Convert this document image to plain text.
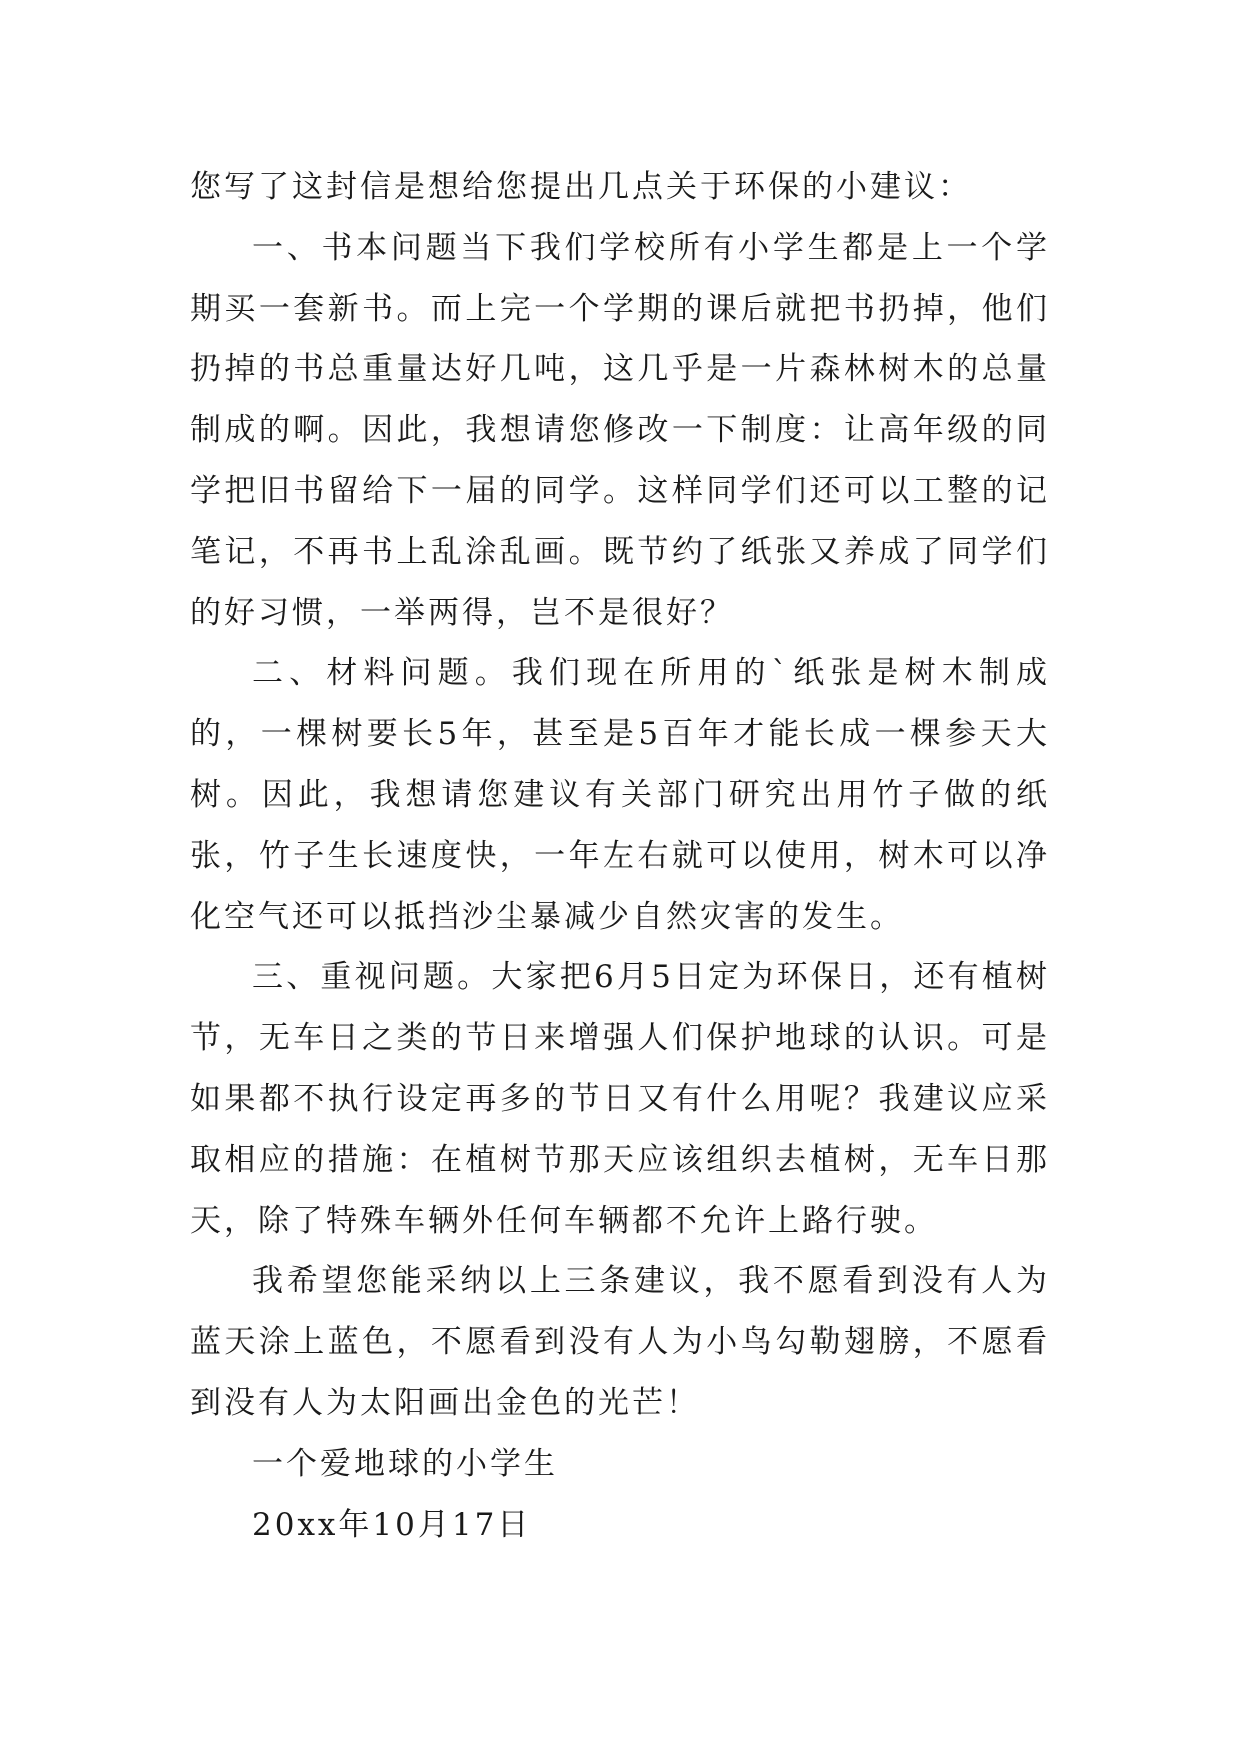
您写了这封信是想给您提出几点关于环保的小建议：

一、书本问题当下我们学校所有小学生都是上一个学期买一套新书。而上完一个学期的课后就把书扔掉，他们扔掉的书总重量达好几吨，这几乎是一片森林树木的总量制成的啊。因此，我想请您修改一下制度：让高年级的同学把旧书留给下一届的同学。这样同学们还可以工整的记笔记，不再书上乱涂乱画。既节约了纸张又养成了同学们的好习惯，一举两得，岂不是很好？

二、材料问题。我们现在所用的`纸张是树木制成的，一棵树要长5年，甚至是5百年才能长成一棵参天大树。因此，我想请您建议有关部门研究出用竹子做的纸张，竹子生长速度快，一年左右就可以使用，树木可以净化空气还可以抵挡沙尘暴减少自然灾害的发生。

三、重视问题。大家把6月5日定为环保日，还有植树节，无车日之类的节日来增强人们保护地球的认识。可是如果都不执行设定再多的节日又有什么用呢？我建议应采取相应的措施：在植树节那天应该组织去植树，无车日那天，除了特殊车辆外任何车辆都不允许上路行驶。

我希望您能采纳以上三条建议，我不愿看到没有人为蓝天涂上蓝色，不愿看到没有人为小鸟勾勒翅膀，不愿看到没有人为太阳画出金色的光芒！

一个爱地球的小学生

20xx年10月17日
